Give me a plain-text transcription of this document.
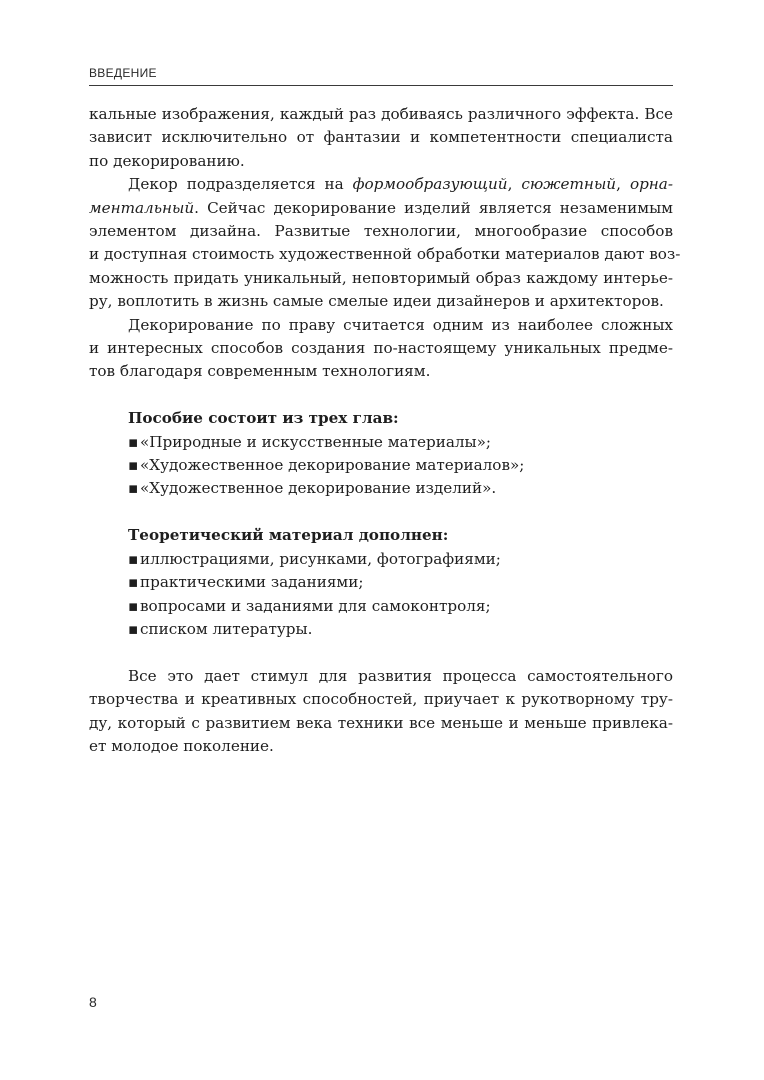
ВВЕДЕНИЕ
кальные изображения, каждый раз добиваясь различного эффекта. Все
зависит исключительно от фантазии и компетентности специалиста
по декорированию.
Декор подразделяется на формообразующий, сюжетный, орна-
ментальный. Сейчас декорирование изделий является незаменимым
элементом дизайна. Развитые технологии, многообразие способов
и доступная стоимость художественной обработки материалов дают воз-
можность придать уникальный, неповторимый образ каждому интерье-
ру, воплотить в жизнь самые смелые идеи дизайнеров и архитекторов.
Декорирование по праву считается одним из наиболее сложных
и интересных способов создания по-настоящему уникальных предме-
тов благодаря современным технологиям.
Пособие состоит из трех глав:
▪ «Природные и искусственные материалы»;
▪ «Художественное декорирование материалов»;
▪ «Художественное декорирование изделий».
Теоретический материал дополнен:
▪ иллюстрациями, рисунками, фотографиями;
▪ практическими заданиями;
▪ вопросами и заданиями для самоконтроля;
▪ списком литературы.
Все это дает стимул для развития процесса самостоятельного
творчества и креативных способностей, приучает к рукотворному тру-
ду, который с развитием века техники все меньше и меньше привлека-
ет молодое поколение.
8
